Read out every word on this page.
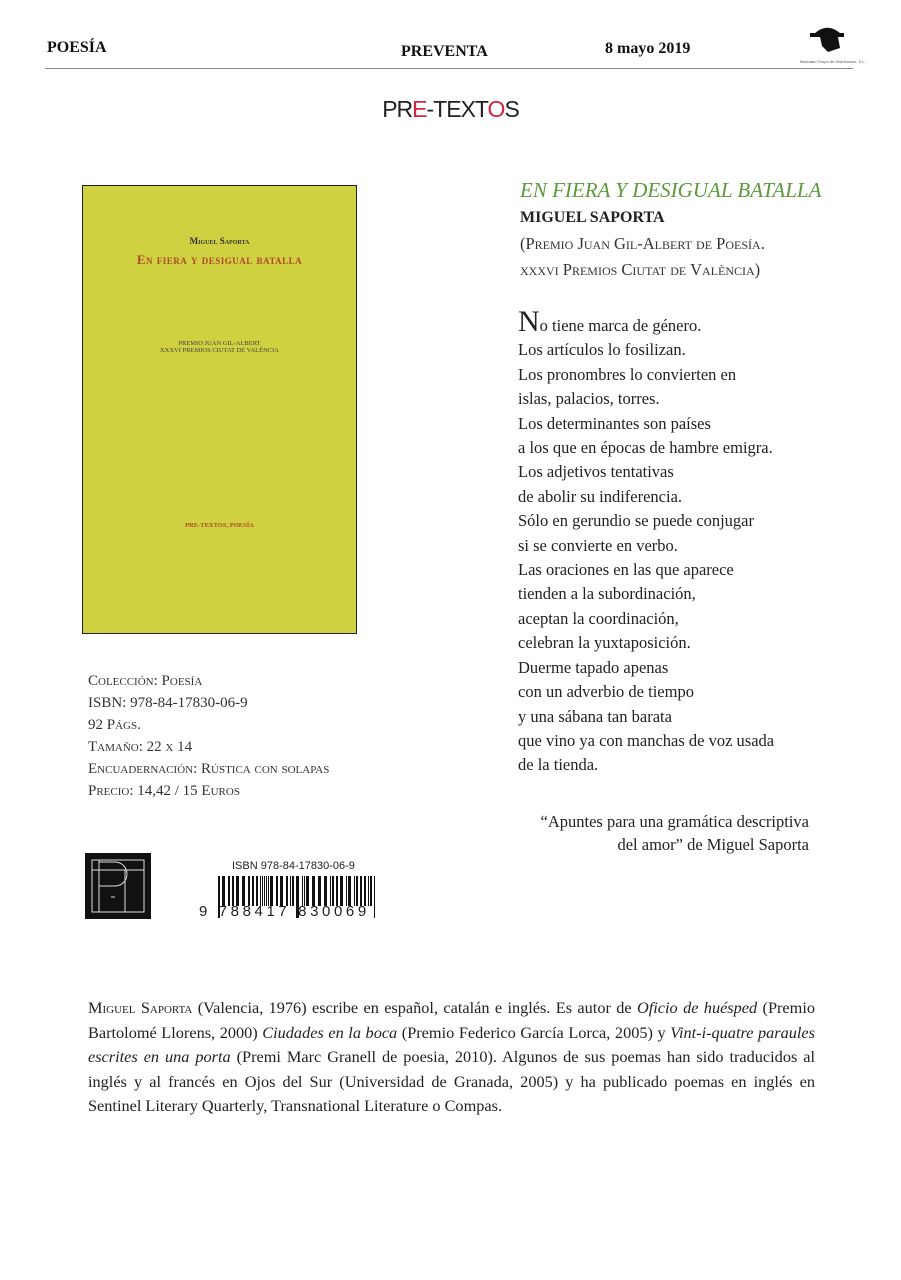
POESÍA	PREVENTA	8 mayo 2019
Machado Grupo de Distribución, S.L.
PRE-TEXTOS
Miguel Saporta
En fiera y desigual batalla
PREMIO JUAN GIL-ALBERT
XXXVI PREMIOS CIUTAT DE VALÈNCIA
PRE-TEXTOS, POESÍA
Colección: Poesía
ISBN: 978-84-17830-06-9
92 Págs.
Tamaño: 22 x 14
Encuadernación: Rústica con solapas
Precio: 14,42 / 15 Euros
ISBN 978-84-17830-06-9
9 788417 830069
EN FIERA Y DESIGUAL BATALLA
MIGUEL SAPORTA
(Premio Juan Gil-Albert de Poesía.
xxxvi Premios Ciutat de València)
No tiene marca de género.
Los artículos lo fosilizan.
Los pronombres lo convierten en
islas, palacios, torres.
Los determinantes son países
a los que en épocas de hambre emigra.
Los adjetivos tentativas
de abolir su indiferencia.
Sólo en gerundio se puede conjugar
si se convierte en verbo.
Las oraciones en las que aparece
tienden a la subordinación,
aceptan la coordinación,
celebran la yuxtaposición.
Duerme tapado apenas
con un adverbio de tiempo
y una sábana tan barata
que vino ya con manchas de voz usada
de la tienda.
“Apuntes para una gramática descriptiva
del amor” de Miguel Saporta
Miguel Saporta (Valencia, 1976) escribe en español, catalán e inglés. Es autor de Oficio de huésped (Premio Bartolomé Llorens, 2000) Ciudades en la boca (Premio Federico García Lorca, 2005) y Vint-i-quatre paraules escrites en una porta (Premi Marc Granell de poesia, 2010). Algunos de sus poemas han sido traducidos al inglés y al francés en Ojos del Sur (Universidad de Granada, 2005) y ha publicado poemas en inglés en Sentinel Literary Quarterly, Transnational Literature o Compas.
